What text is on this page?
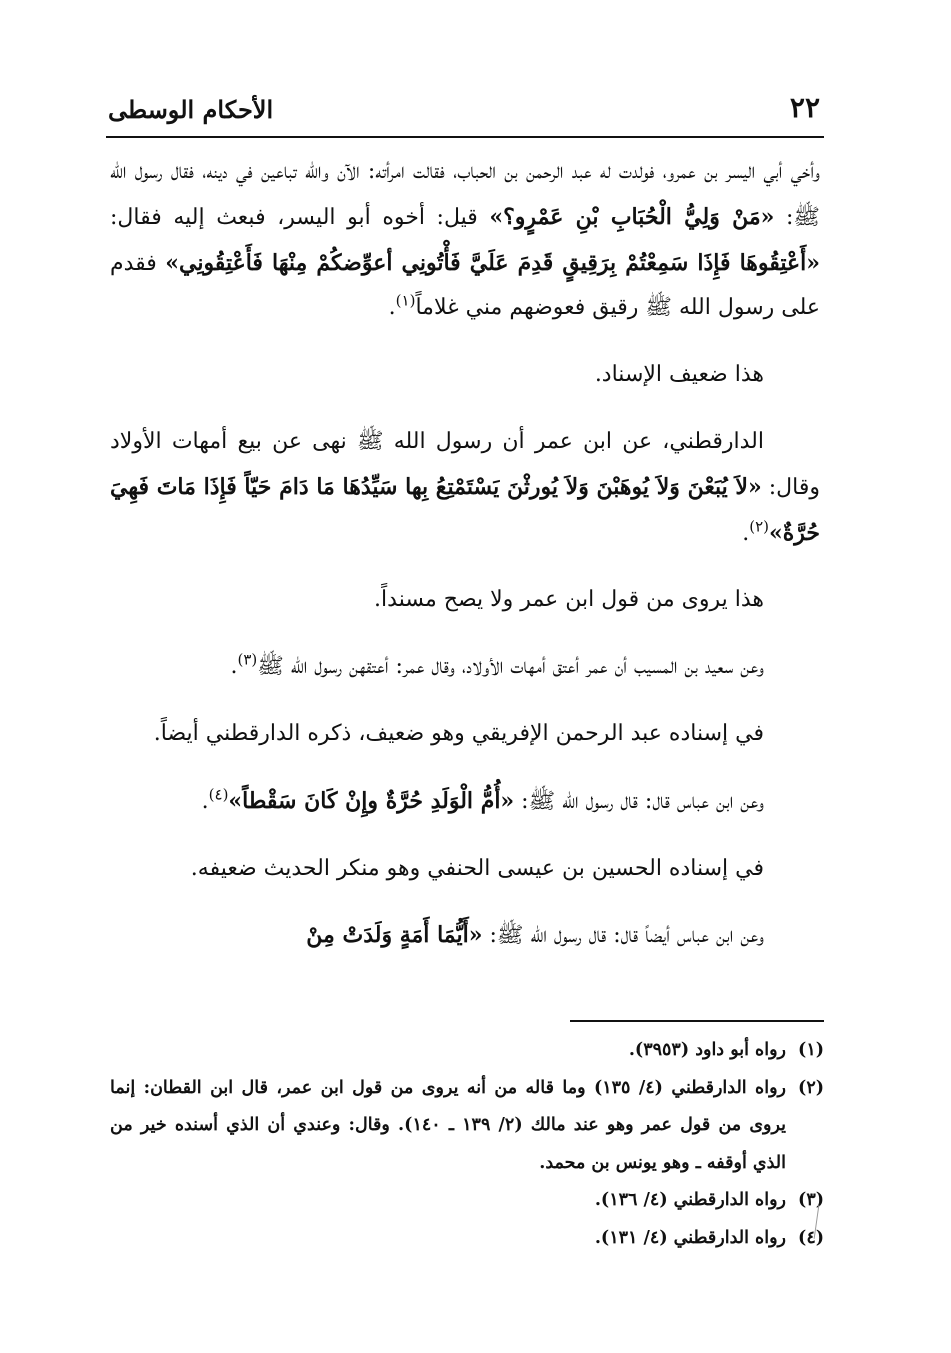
٢٢
الأحكام الوسطى

وأخي أبي اليسر بن عمرو، فولدت له عبد الرحمن بن الحباب، فقالت امرأته: الآن والله تباعين في دينه، فقال رسول الله ﷺ: «مَنْ وَلِيُّ الْحُبَابِ بْنِ عَمْرٍو؟» قيل: أخوه أبو اليسر، فبعث إليه فقال: «أَعْتِقُوهَا فَإِذَا سَمِعْتُمْ بِرَقِيقٍ قَدِمَ عَلَيَّ فَأْتُونِي أعوِّضكُمْ مِنْهَا فَأَعْتِقُونِي» فقدم على رسول الله ﷺ رقيق فعوضهم مني غلاماً$^{(١)}$.

هذا ضعيف الإسناد.

الدارقطني، عن ابن عمر أن رسول الله ﷺ نهى عن بيع أمهات الأولاد وقال: «لاَ يُبَعْنَ وَلاَ يُوهَبْنَ وَلاَ يُورثْنَ يَسْتَمْتِعُ بِها سَيِّدُهَا مَا دَامَ حَيّاً فَإِذَا مَاتَ فَهِيَ حُرَّةٌ»$^{(٢)}$.

هذا يروى من قول ابن عمر ولا يصح مسنداً.

وعن سعيد بن المسيب أن عمر أعتق أمهات الأولاد، وقال عمر: أعتقهن رسول الله ﷺ$^{(٣)}$.

في إسناده عبد الرحمن الإفريقي وهو ضعيف، ذكره الدارقطني أيضاً.

وعن ابن عباس قال: قال رسول الله ﷺ: «أُمُّ الْوَلَدِ حُرَّةٌ وإِنْ كَانَ سَقْطاً»$^{(٤)}$.

في إسناده الحسين بن عيسى الحنفي وهو منكر الحديث ضعيفه.

وعن ابن عباس أيضاً قال: قال رسول الله ﷺ: «أَيُّمَا أَمَةٍ وَلَدَتْ مِنْ

(١)
رواه أبو داود (٣٩٥٣).

(٢)
رواه الدارقطني (٤/ ١٣٥) وما قاله من أنه يروى من قول ابن عمر، قال ابن القطان: إنما يروى من قول عمر وهو عند مالك (٢/ ١٣٩ ـ ١٤٠). وقال: وعندي أن الذي أسنده خير من الذي أوقفه ـ وهو يونس بن محمد.

(٣)
رواه الدارقطني (٤/ ١٣٦).

(٤)
رواه الدارقطني (٤/ ١٣١).
